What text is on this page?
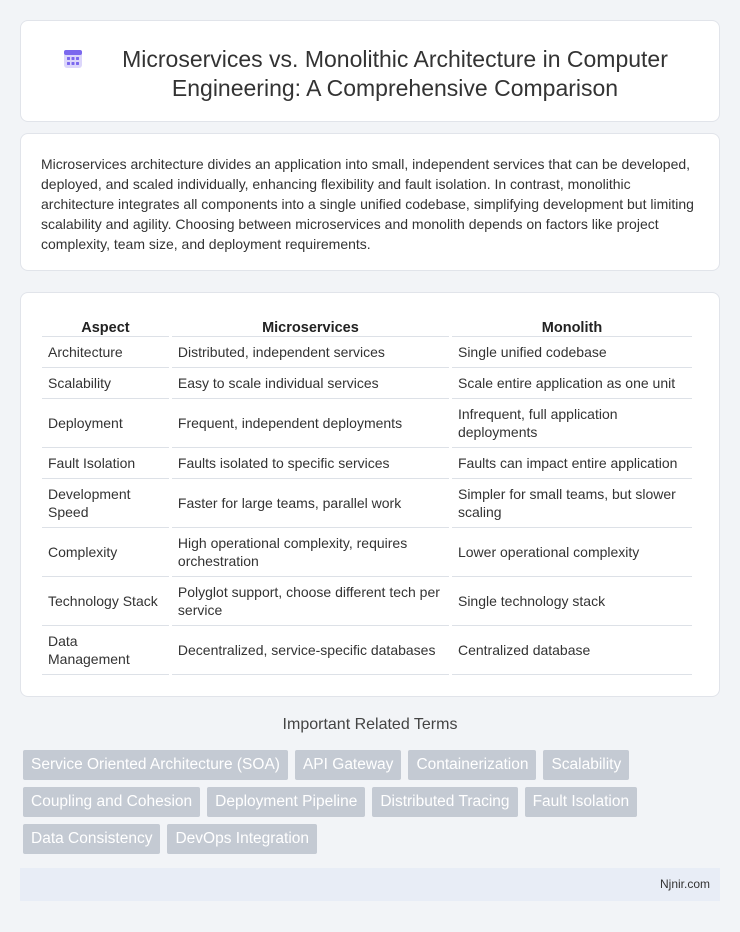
Microservices vs. Monolithic Architecture in Computer Engineering: A Comprehensive Comparison

Microservices architecture divides an application into small, independent services that can be developed, deployed, and scaled individually, enhancing flexibility and fault isolation. In contrast, monolithic architecture integrates all components into a single unified codebase, simplifying development but limiting scalability and agility. Choosing between microservices and monolith depends on factors like project complexity, team size, and deployment requirements.

Aspect	Microservices	Monolith
Architecture	Distributed, independent services	Single unified codebase
Scalability	Easy to scale individual services	Scale entire application as one unit
Deployment	Frequent, independent deployments	Infrequent, full application deployments
Fault Isolation	Faults isolated to specific services	Faults can impact entire application
Development Speed	Faster for large teams, parallel work	Simpler for small teams, but slower scaling
Complexity	High operational complexity, requires orchestration	Lower operational complexity
Technology Stack	Polyglot support, choose different tech per service	Single technology stack
Data Management	Decentralized, service-specific databases	Centralized database
Important Related Terms
Service Oriented Architecture (SOA)	API Gateway	Containerization	Scalability
Coupling and Cohesion	Deployment Pipeline	Distributed Tracing	Fault Isolation
Data Consistency	DevOps Integration
Njnir.com
